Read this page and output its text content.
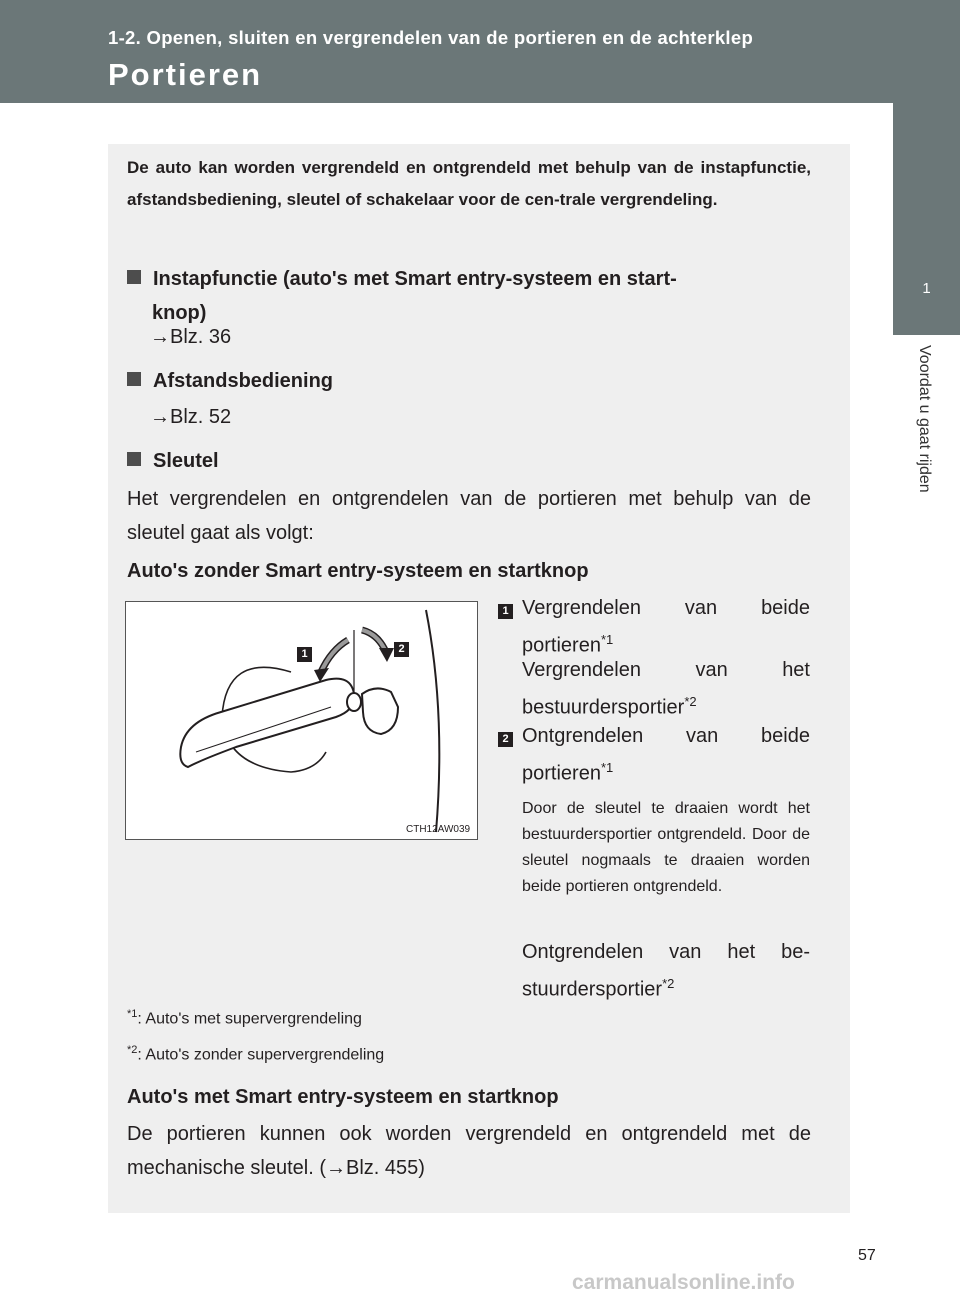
1-2. Openen, sluiten en vergrendelen van de portieren en de achterklep
Portieren
1
Voordat u gaat rijden
De auto kan worden vergrendeld en ontgrendeld met behulp van de instapfunctie, afstandsbediening, sleutel of schakelaar voor de cen-trale vergrendeling.
Instapfunctie (auto's met Smart entry-systeem en start-
knop)
→Blz. 36
Afstandsbediening
→Blz. 52
Sleutel
Het vergrendelen en ontgrendelen van de portieren met behulp van de sleutel gaat als volgt:
Auto's zonder Smart entry-systeem en startknop
1	2
CTH12AW039
1 Vergrendelen van beide portieren$^{*1}$
Vergrendelen van het bestuurdersportier$^{*2}$
2 Ontgrendelen van beide portieren$^{*1}$
Door de sleutel te draaien wordt het bestuurdersportier ontgrendeld. Door de sleutel nogmaals te draaien worden beide portieren ontgrendeld.
Ontgrendelen van het be-stuurdersportier$^{*2}$
$^{*1}$: Auto's met supervergrendeling
$^{*2}$: Auto's zonder supervergrendeling
Auto's met Smart entry-systeem en startknop
De portieren kunnen ook worden vergrendeld en ontgrendeld met de mechanische sleutel. (→Blz. 455)
57
carmanualsonline.info
